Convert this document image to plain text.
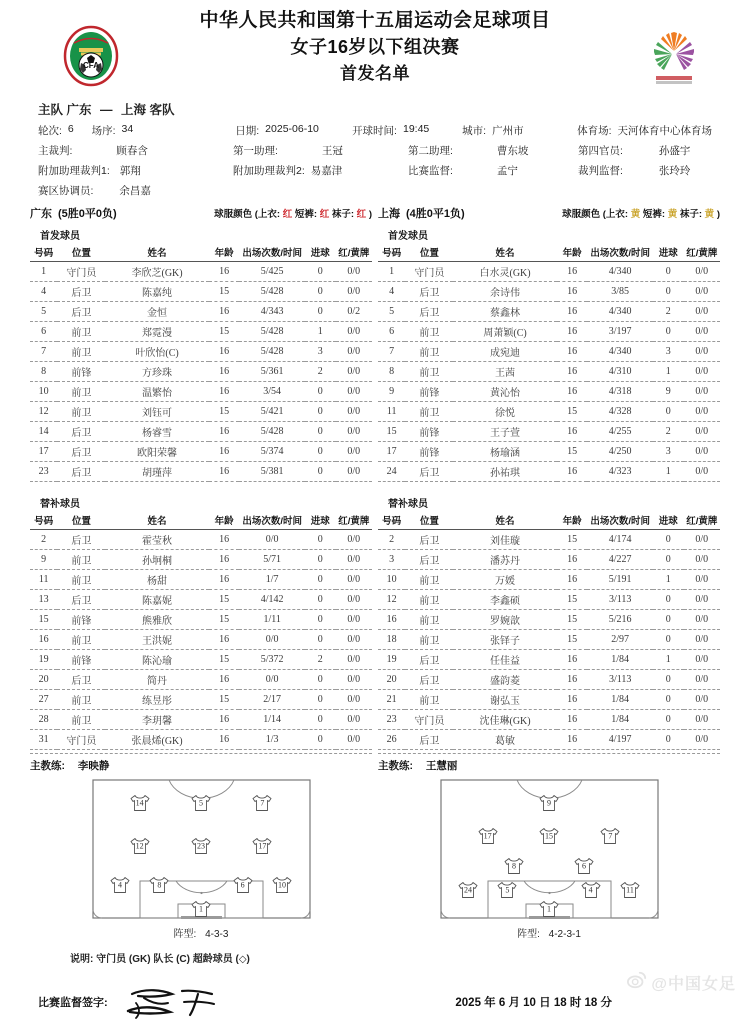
CFA
中华人民共和国第十五届运动会足球项目
女子16岁以下组决赛
首发名单
主队 广东 — 上海 客队
轮次: 6 场序: 34	日期: 2025-06-10	开球时间: 19:45	城市: 广州市	体育场: 天河体育中心体育场
主裁判:	顾春含	第一助理:	王冠	第二助理:	曹东坡	第四官员:	孙盛宇
附加助理裁判1: 郭翔	附加助理裁判2: 易嘉津	比赛监督:	孟宁	裁判监督:	张玲玲
赛区协调员: 余昌嘉
广东 (5胜0平0负)	球服颜色 (上衣: 红 短裤: 红 袜子: 红 )
首发球员
号码	位置	姓名	年龄	出场次数/时间	进球	红/黄牌
1	守门员	李欣芝(GK)	16	5/425	0	0/0
4	后卫	陈嘉纯	15	5/428	0	0/0
5	后卫	金恒	16	4/343	0	0/2
6	前卫	郑霓漫	15	5/428	1	0/0
7	前卫	叶欣怡(C)	16	5/428	3	0/0
8	前锋	方珍珠	16	5/361	2	0/0
10	前卫	温繁怡	16	3/54	0	0/0
12	前卫	刘钰可	15	5/421	0	0/0
14	后卫	杨睿雪	16	5/428	0	0/0
17	后卫	欧阳荣馨	16	5/374	0	0/0
23	后卫	胡瑾萍	16	5/381	0	0/0
替补球员
号码	位置	姓名	年龄	出场次数/时间	进球	红/黄牌
2	后卫	霍莹秋	16	0/0	0	0/0
9	前卫	孙坰桐	16	5/71	0	0/0
11	前卫	杨甜	16	1/7	0	0/0
13	后卫	陈嘉妮	15	4/142	0	0/0
15	前锋	熊雅欣	15	1/11	0	0/0
16	前卫	王洪妮	16	0/0	0	0/0
19	前锋	陈沁瑜	15	5/372	2	0/0
20	后卫	简丹	16	0/0	0	0/0
27	前卫	练昱彤	15	2/17	0	0/0
28	前卫	李玥馨	16	1/14	0	0/0
31	守门员	张晨烯(GK)	16	1/3	0	0/0
主教练: 李映静
14	5	7
12	23	17
4	8	6	10
1
阵型: 4-3-3
上海 (4胜0平1负)	球服颜色 (上衣: 黄 短裤: 黄 袜子: 黄 )
首发球员
号码	位置	姓名	年龄	出场次数/时间	进球	红/黄牌
1	守门员	白水灵(GK)	16	4/340	0	0/0
4	后卫	余诗伟	16	3/85	0	0/0
5	后卫	蔡鑫林	16	4/340	2	0/0
6	前卫	周萧颖(C)	16	3/197	0	0/0
7	前卫	成宛迪	16	4/340	3	0/0
8	前卫	王茜	16	4/310	1	0/0
9	前锋	黄沁怡	16	4/318	9	0/0
11	前卫	徐悦	15	4/328	0	0/0
15	前锋	王子萱	16	4/255	2	0/0
17	前锋	杨瑜涵	15	4/250	3	0/0
24	后卫	孙祐琪	16	4/323	1	0/0
替补球员
号码	位置	姓名	年龄	出场次数/时间	进球	红/黄牌
2	后卫	刘佳璇	15	4/174	0	0/0
3	后卫	潘苏丹	16	4/227	0	0/0
10	前卫	万媛	16	5/191	1	0/0
12	前卫	李鑫硕	15	3/113	0	0/0
16	前卫	罗婉歆	15	5/216	0	0/0
18	前卫	张铎子	15	2/97	0	0/0
19	后卫	任佳益	16	1/84	1	0/0
20	后卫	盛韵菱	16	3/113	0	0/0
21	前卫	谢弘玉	16	1/84	0	0/0
23	守门员	沈佳琳(GK)	16	1/84	0	0/0
26	后卫	葛敏	16	4/197	0	0/0
主教练: 王慧丽
9
17	15	7
8	6
24	5	4	11
1
阵型: 4-2-3-1
说明: 守门员 (GK) 队长 (C) 超龄球员 (◇)
比赛监督签字:	2025 年 6 月 10 日 18 时 18 分
@中国女足
